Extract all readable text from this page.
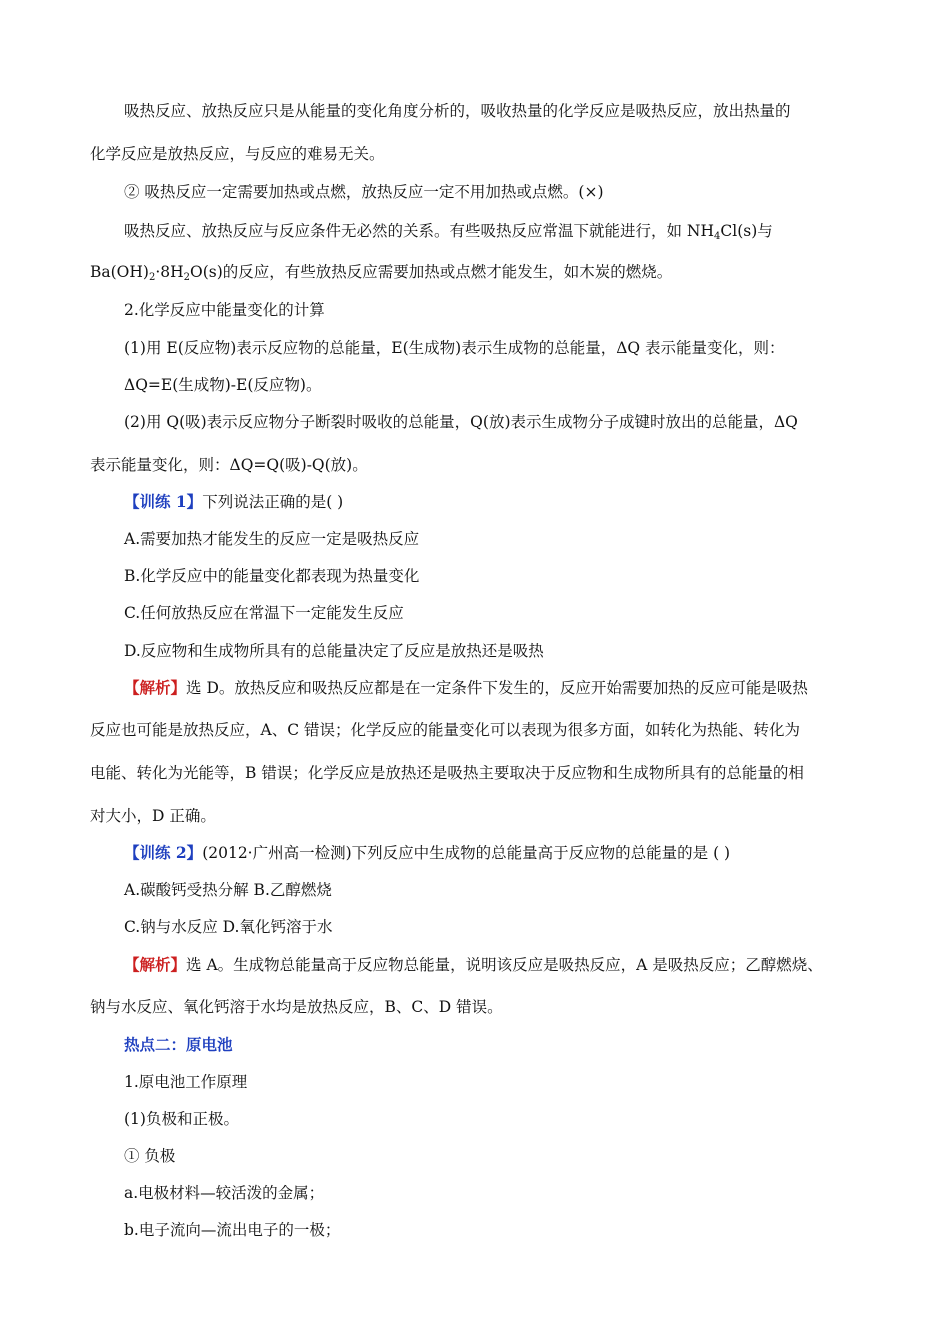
吸热反应、放热反应只是从能量的变化角度分析的，吸收热量的化学反应是吸热反应，放出热量的
化学反应是放热反应，与反应的难易无关。
② 吸热反应一定需要加热或点燃，放热反应一定不用加热或点燃。(×)
吸热反应、放热反应与反应条件无必然的关系。有些吸热反应常温下就能进行，如 $NH_4Cl(s)$与
$Ba(OH)_2\cdot 8H_2O(s)$的反应，有些放热反应需要加热或点燃才能发生，如木炭的燃烧。
2.化学反应中能量变化的计算
(1)用 E(反应物)表示反应物的总能量，E(生成物)表示生成物的总能量，ΔQ 表示能量变化，则：
ΔQ=E(生成物)-E(反应物)。
(2)用 Q(吸)表示反应物分子断裂时吸收的总能量，Q(放)表示生成物分子成键时放出的总能量，ΔQ
表示能量变化，则：ΔQ=Q(吸)-Q(放)。
【训练 1】下列说法正确的是( )
A.需要加热才能发生的反应一定是吸热反应
B.化学反应中的能量变化都表现为热量变化
C.任何放热反应在常温下一定能发生反应
D.反应物和生成物所具有的总能量决定了反应是放热还是吸热
【解析】选 D。放热反应和吸热反应都是在一定条件下发生的，反应开始需要加热的反应可能是吸热
反应也可能是放热反应，A、C 错误；化学反应的能量变化可以表现为很多方面，如转化为热能、转化为
电能、转化为光能等，B 错误；化学反应是放热还是吸热主要取决于反应物和生成物所具有的总能量的相
对大小，D 正确。
【训练 2】(2012·广州高一检测)下列反应中生成物的总能量高于反应物的总能量的是 ( )
A.碳酸钙受热分解 B.乙醇燃烧
C.钠与水反应 D.氧化钙溶于水
【解析】选 A。生成物总能量高于反应物总能量，说明该反应是吸热反应，A 是吸热反应；乙醇燃烧、
钠与水反应、氧化钙溶于水均是放热反应，B、C、D 错误。
热点二：原电池
1.原电池工作原理
(1)负极和正极。
① 负极
a.电极材料—较活泼的金属；
b.电子流向—流出电子的一极；
